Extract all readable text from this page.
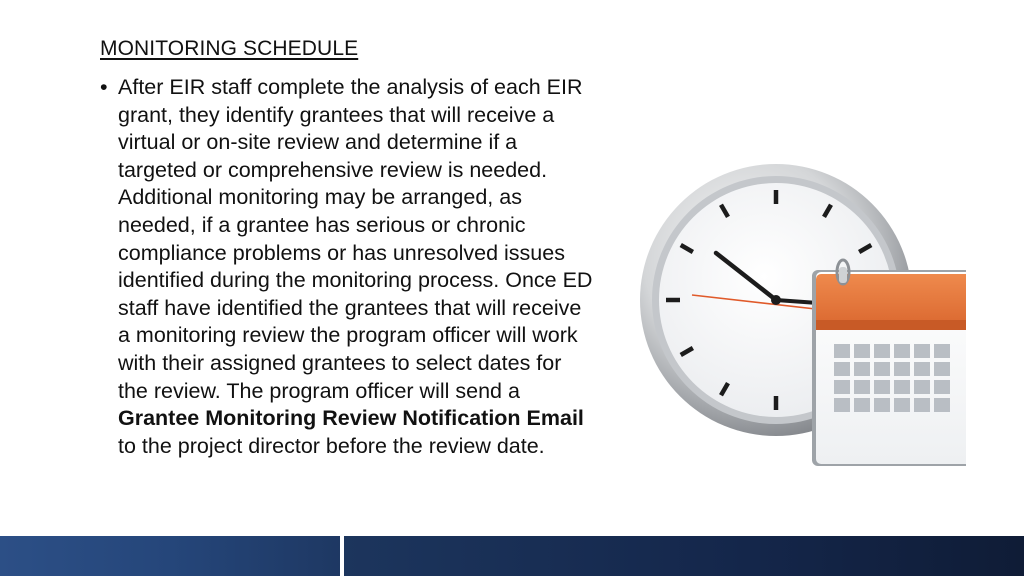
MONITORING SCHEDULE
• After EIR staff complete the analysis of each EIR grant, they identify grantees that will receive a virtual or on-site review and determine if a targeted or comprehensive review is needed. Additional monitoring may be arranged, as needed, if a grantee has serious or chronic compliance problems or has unresolved issues identified during the monitoring process. Once ED staff have identified the grantees that will receive a monitoring review the program officer will work with their assigned grantees to select dates for the review. The program officer will send a Grantee Monitoring Review Notification Email to the project director before the review date.
